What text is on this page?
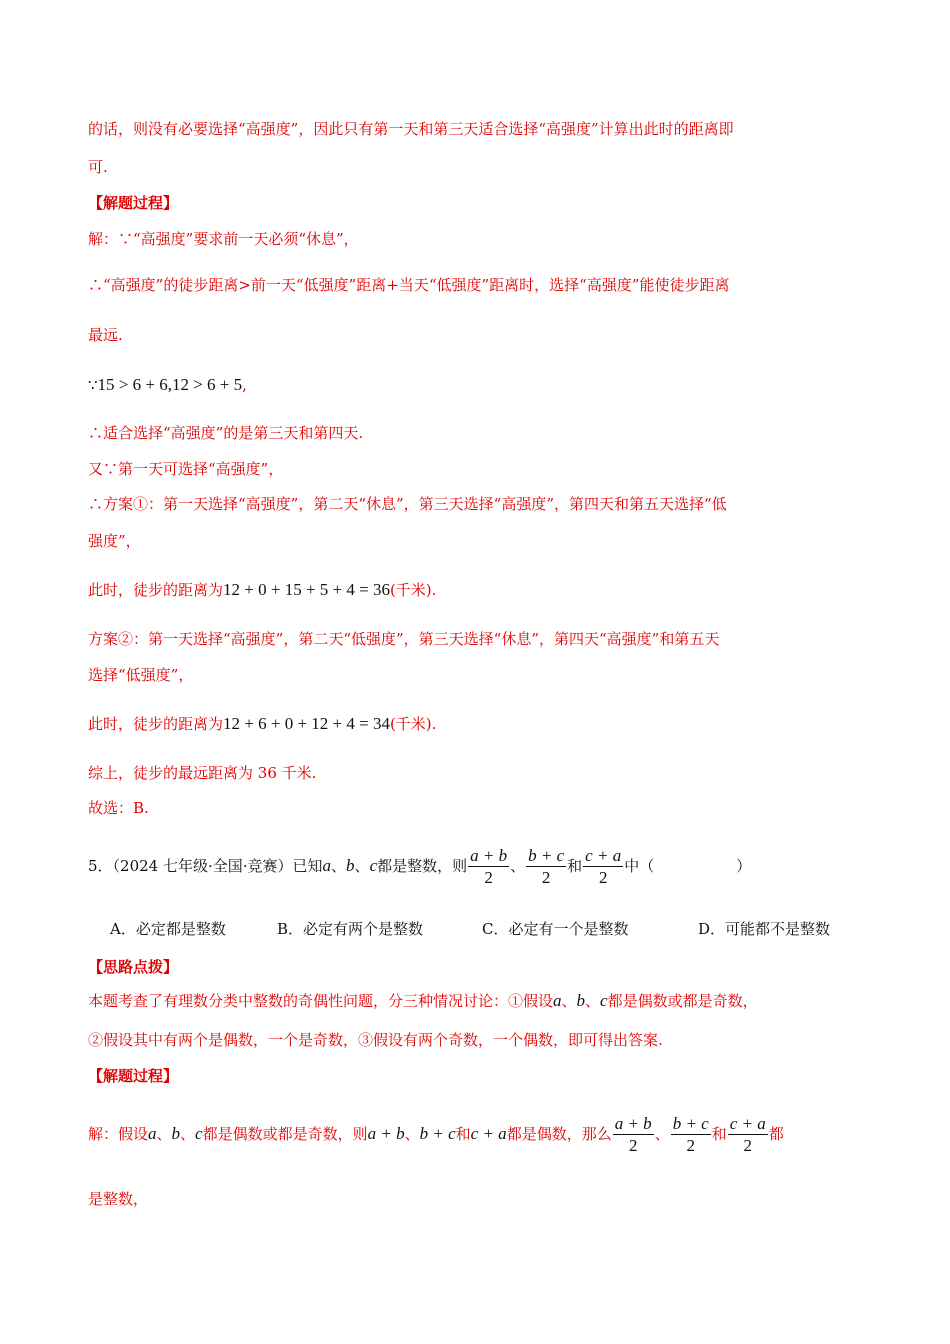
的话，则没有必要选择“高强度”，因此只有第一天和第三天适合选择“高强度”计算出此时的距离即
可.
【解题过程】
解：∵“高强度”要求前一天必须“休息”，
∴“高强度”的徒步距离>前一天“低强度”距离+当天“低强度”距离时，选择“高强度”能使徒步距离
最远.
∵15 > 6 + 6,12 > 6 + 5,
∴适合选择“高强度”的是第三天和第四天.
又∵第一天可选择“高强度”，
∴方案①：第一天选择“高强度”，第二天“休息”，第三天选择“高强度”，第四天和第五天选择“低
强度”，
此时，徒步的距离为12 + 0 + 15 + 5 + 4 = 36(千米).
方案②：第一天选择“高强度”，第二天“低强度”，第三天选择“休息”，第四天“高强度”和第五天
选择“低强度”，
此时，徒步的距离为12 + 6 + 0 + 12 + 4 = 34(千米).
综上，徒步的最远距离为 36 千米.
故选：B.
5．（2024 七年级·全国·竞赛）已知a、b、c都是整数，则 $\frac{a + b}{2}$ 、 $\frac{b + c}{2}$ 和 $\frac{c + a}{2}$ 中（	）
A．必定都是整数	B．必定有两个是整数	C．必定有一个是整数	D．可能都不是整数
【思路点拨】
本题考查了有理数分类中整数的奇偶性问题，分三种情况讨论：①假设a、b、c都是偶数或都是奇数，
②假设其中有两个是偶数，一个是奇数，③假设有两个奇数，一个偶数，即可得出答案.
【解题过程】
解：假设a、b、c都是偶数或都是奇数，则a + b、b + c和c + a都是偶数，那么 $\frac{a + b}{2}$ 、 $\frac{b + c}{2}$ 和 $\frac{c + a}{2}$ 都
是整数，
